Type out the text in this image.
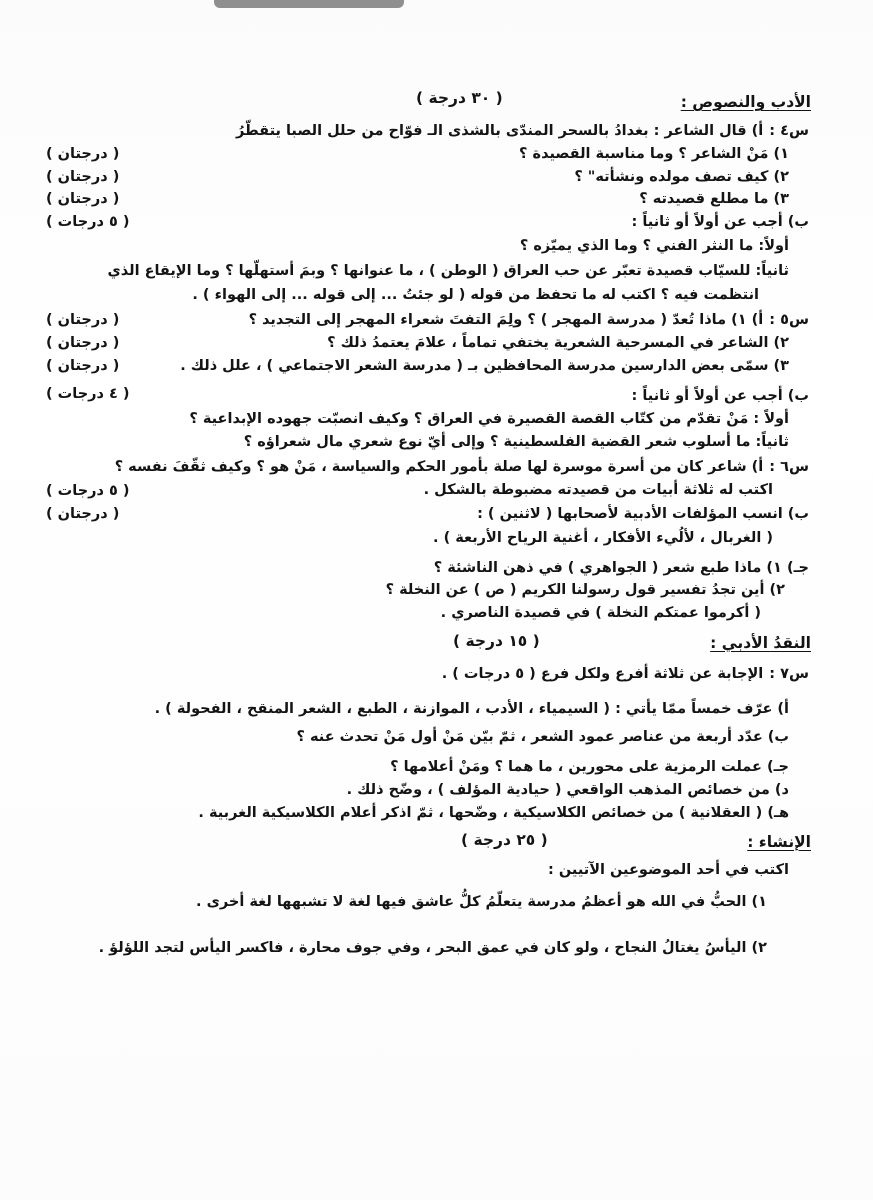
الأدب والنصوص :
( ٣٠ درجة )
س٤ :أ) قال الشاعر : بغدادُ بالسحر المندّى بالشذى الـ فوّاح من حلل الصبا يتقطّرُ
١) مَنْ الشاعر ؟ وما مناسبة القصيدة ؟
( درجتان )
٢) كيف تصف مولده ونشأته" ؟
( درجتان )
٣) ما مطلع قصيدته ؟
( درجتان )
ب) أجب عن أولاً أو ثانياً :
( ٥ درجات )
أولاً: ما النثر الفني ؟ وما الذي يميّزه ؟
ثانياً: للسيّاب قصيدة تعبّر عن حب العراق ( الوطن ) ، ما عنوانها ؟ وبمَ أستهلّها ؟ وما الإيقاع الذي
انتظمت فيه ؟ اكتب له ما تحفظ من قوله ( لو جئتُ ... إلى قوله ... إلى الهواء ) .
س٥ :أ) ١) ماذا تُعدّ ( مدرسة المهجر ) ؟ ولِمَ التفتَ شعراء المهجر إلى التجديد ؟
( درجتان )
٢) الشاعر في المسرحية الشعرية يختفي تماماً ، علامَ يعتمدُ ذلك ؟
( درجتان )
٣) سمّى بعض الدارسين مدرسة المحافظين بـ ( مدرسة الشعر الاجتماعي ) ، علل ذلك .
( درجتان )
ب) أجب عن أولاً أو ثانياً :
( ٤ درجات )
أولاً : مَنْ تقدّم من كتّاب القصة القصيرة في العراق ؟ وكيف انصبّت جهوده الإبداعية ؟
ثانياً: ما أسلوب شعر القضية الفلسطينية ؟ وإلى أيّ نوع شعري مال شعراؤه ؟
س٦ :أ) شاعر كان من أسرة موسرة لها صلة بأمور الحكم والسياسة ، مَنْ هو ؟ وكيف ثقّفَ نفسه ؟
اكتب له ثلاثة أبيات من قصيدته مضبوطة بالشكل .
( ٥ درجات )
ب) انسب المؤلفات الأدبية لأصحابها ( لاثنين ) :
( درجتان )
( الغربال ، لألُيء الأفكار ، أغنية الرياح الأربعة ) .
جـ) ١) ماذا طبع شعر ( الجواهري ) في ذهن الناشئة ؟
٢) أين تجدُ تفسير قول رسولنا الكريم ( ص ) عن النخلة ؟
( أكرموا عمتكم النخلة ) في قصيدة الناصري .
النقدُ الأدبي :
( ١٥ درجة )
س٧ :الإجابة عن ثلاثة أفرع ولكل فرع ( ٥ درجات ) .
أ) عرّف خمساً ممّا يأتي : ( السيمياء ، الأدب ، الموازنة ، الطبع ، الشعر المنقح ، الفحولة ) .
ب) عدّد أربعة من عناصر عمود الشعر ، ثمّ بيّن مَنْ أول مَنْ تحدث عنه ؟
جـ) عملت الرمزية على محورين ، ما هما ؟ ومَنْ أعلامها ؟
د) من خصائص المذهب الواقعي ( حيادية المؤلف ) ، وضّح ذلك .
هـ) ( العقلانية ) من خصائص الكلاسيكية ، وضّحها ، ثمّ اذكر أعلام الكلاسيكية الغربية .
الإنشاء :
( ٢٥ درجة )
اكتب في أحد الموضوعين الآتيين :
١) الحبُّ في الله هو أعظمُ مدرسة يتعلّمُ كلُّ عاشق فيها لغة لا تشبهها لغة أخرى .
٢) اليأسُ يغتالُ النجاح ، ولو كان في عمق البحر ، وفي جوف محارة ، فاكسر اليأس لتجد اللؤلؤ .
